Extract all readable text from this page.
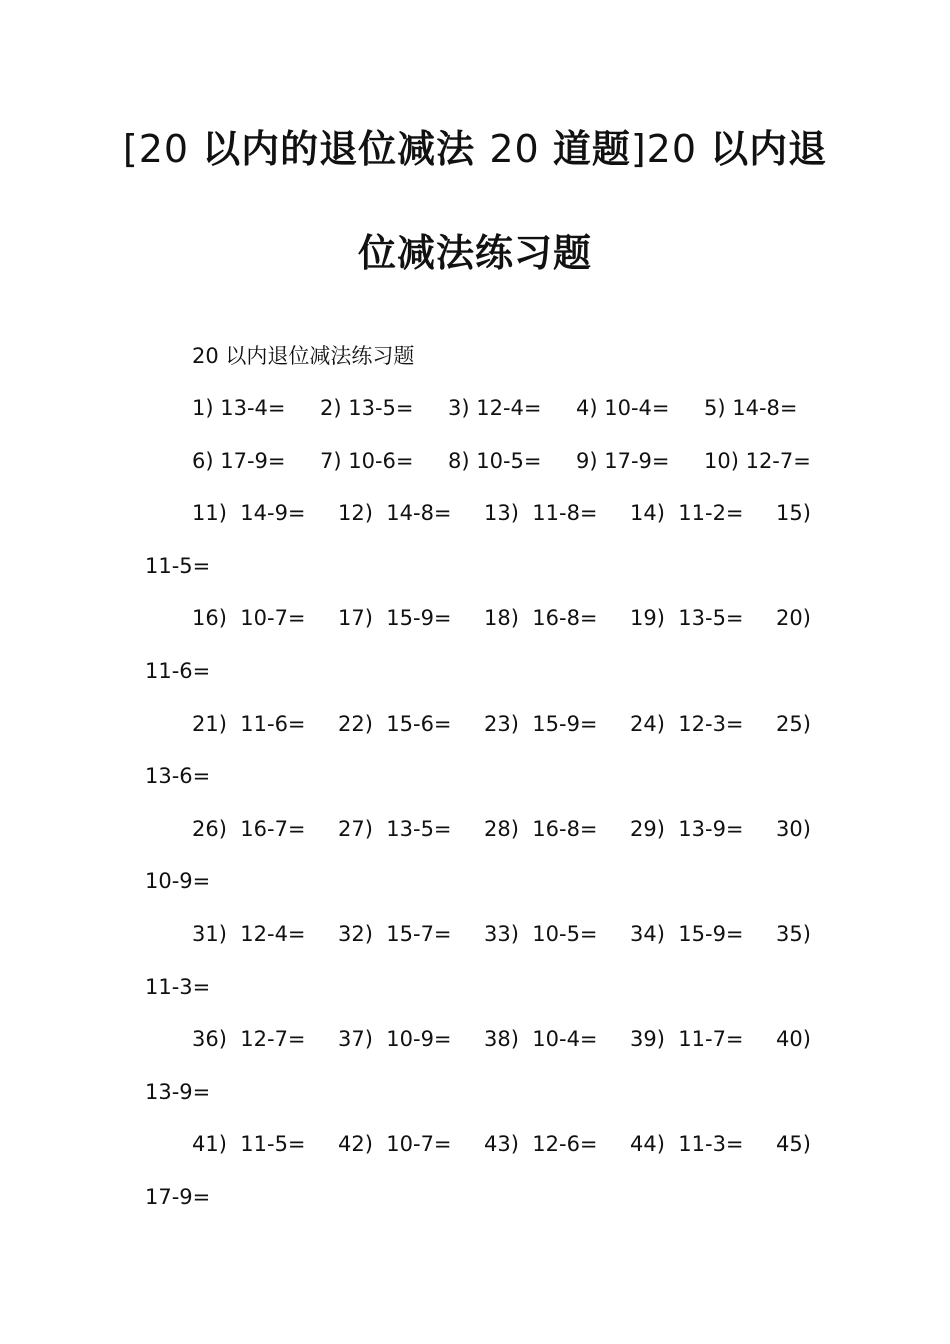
[20 以内的退位减法 20 道题]20 以内退
位减法练习题
20 以内退位减法练习题
1) 13-4= 2) 13-5= 3) 12-4= 4) 10-4= 5) 14-8=
6) 17-9= 7) 10-6= 8) 10-5= 9) 17-9= 10) 12-7=
11)  14-9= 12)  14-8= 13)  11-8= 14)  11-2= 15)
11-5=
16)  10-7= 17)  15-9= 18)  16-8= 19)  13-5= 20)
11-6=
21)  11-6= 22)  15-6= 23)  15-9= 24)  12-3= 25)
13-6=
26)  16-7= 27)  13-5= 28)  16-8= 29)  13-9= 30)
10-9=
31)  12-4= 32)  15-7= 33)  10-5= 34)  15-9= 35)
11-3=
36)  12-7= 37)  10-9= 38)  10-4= 39)  11-7= 40)
13-9=
41)  11-5= 42)  10-7= 43)  12-6= 44)  11-3= 45)
17-9=
